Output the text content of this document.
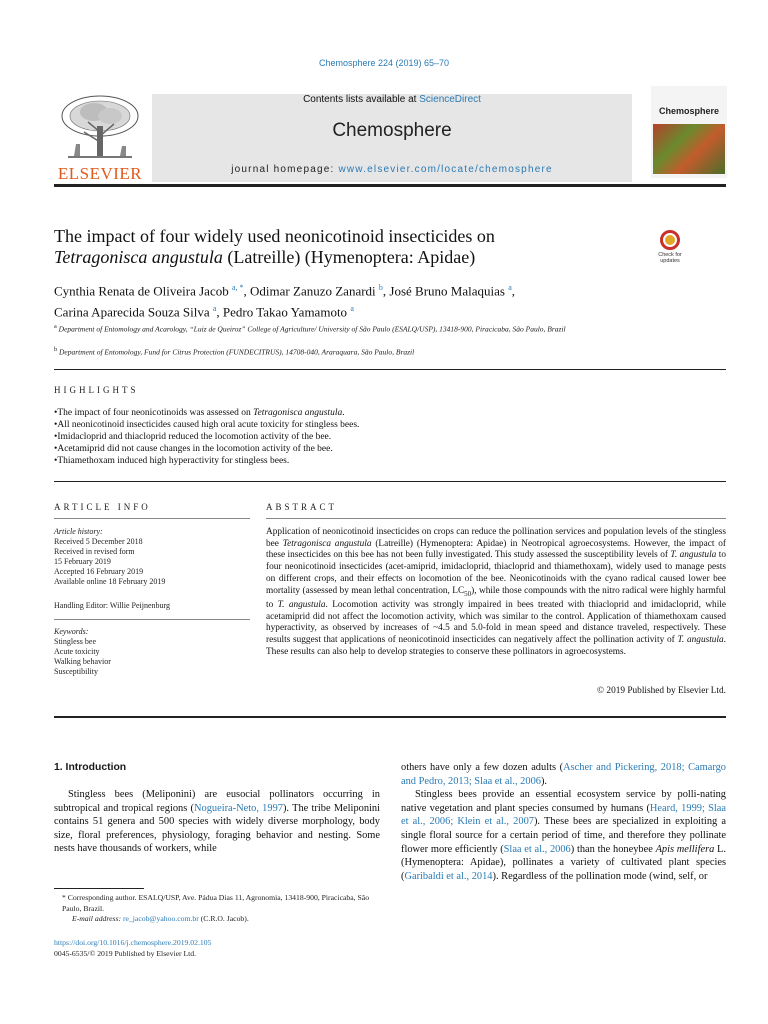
Chemosphere 224 (2019) 65–70
ELSEVIER
Contents lists available at ScienceDirect
Chemosphere
journal homepage: www.elsevier.com/locate/chemosphere
Chemosphere
The impact of four widely used neonicotinoid insecticides on
Tetragonisca angustula (Latreille) (Hymenoptera: Apidae)	Check for updates
Cynthia Renata de Oliveira Jacob $^{a, *}$, Odimar Zanuzo Zanardi $^b$, José Bruno Malaquias $^a$,
Carina Aparecida Souza Silva $^a$, Pedro Takao Yamamoto $^a$
$^a$ Department of Entomology and Acarology, “Luiz de Queiroz” College of Agriculture/ University of São Paulo (ESALQ/USP), 13418-900, Piracicaba, São Paulo, Brazil
$^b$ Department of Entomology, Fund for Citrus Protection (FUNDECITRUS), 14708-040, Araraquara, São Paulo, Brazil
HIGHLIGHTS
• The impact of four neonicotinoids was assessed on Tetragonisca angustula.
• All neonicotinoid insecticides caused high oral acute toxicity for stingless bees.
• Imidacloprid and thiacloprid reduced the locomotion activity of the bee.
• Acetamiprid did not cause changes in the locomotion activity of the bee.
• Thiamethoxam induced high hyperactivity for stingless bees.
ARTICLE INFO
Article history:
Received 5 December 2018
Received in revised form
15 February 2019
Accepted 16 February 2019
Available online 18 February 2019
Handling Editor: Willie Peijnenburg
Keywords:
Stingless bee
Acute toxicity
Walking behavior
Susceptibility
ABSTRACT
Application of neonicotinoid insecticides on crops can reduce the pollination services and population levels of the stingless bee Tetragonisca angustula (Latreille) (Hymenoptera: Apidae) in Neotropical agroecosystems. However, the impact of these insecticides on this bee has not been fully investigated. This study assessed the susceptibility levels of T. angustula to four neonicotinoid insecticides (acet-amiprid, imidacloprid, thiacloprid and thiamethoxam), widely used to manage pests on different crops, and their effects on locomotion of the bee. Neonicotinoids with the cyano radical caused lower bee mortality (assessed by mean lethal concentration, $LC_{50}$), while those compounds with the nitro radical were highly harmful to T. angustula. Locomotion activity was strongly impaired in bees treated with thiacloprid and imidacloprid, while acetamiprid did not affect the locomotion activity, which was similar to the control. Application of thiamethoxam caused hyperactivity, as observed by increases of ~4.5 and 5.0-fold in mean speed and distance traveled, respectively. These results suggest that applications of neonicotinoid insecticides can negatively affect the pollination activity of T. angustula. These results can also help to develop strategies to conserve these pollinators in agroecosystems.
© 2019 Published by Elsevier Ltd.
1. Introduction
Stingless bees (Meliponini) are eusocial pollinators occurring in subtropical and tropical regions (Nogueira-Neto, 1997). The tribe Meliponini contains 51 genera and 500 species with widely diverse morphology, body size, floral preferences, physiology, foraging behavior and nesting. Some nests have thousands of workers, while
others have only a few dozen adults (Ascher and Pickering, 2018; Camargo and Pedro, 2013; Slaa et al., 2006).
Stingless bees provide an essential ecosystem service by polli-nating native vegetation and plant species consumed by humans (Heard, 1999; Slaa et al., 2006; Klein et al., 2007). These bees are specialized in exploiting a single floral source for a certain period of time, and therefore they pollinate flower more efficiently (Slaa et al., 2006) than the honeybee Apis mellifera L. (Hymenoptera: Apidae), pollinates a variety of cultivated plant species (Garibaldi et al., 2014). Regardless of the pollination mode (wind, self, or
* Corresponding author. ESALQ/USP, Ave. Pádua Dias 11, Agronomia, 13418-900, Piracicaba, São Paulo, Brazil.
E-mail address: re_jacob@yahoo.com.br (C.R.O. Jacob).
https://doi.org/10.1016/j.chemosphere.2019.02.105
0045-6535/© 2019 Published by Elsevier Ltd.
